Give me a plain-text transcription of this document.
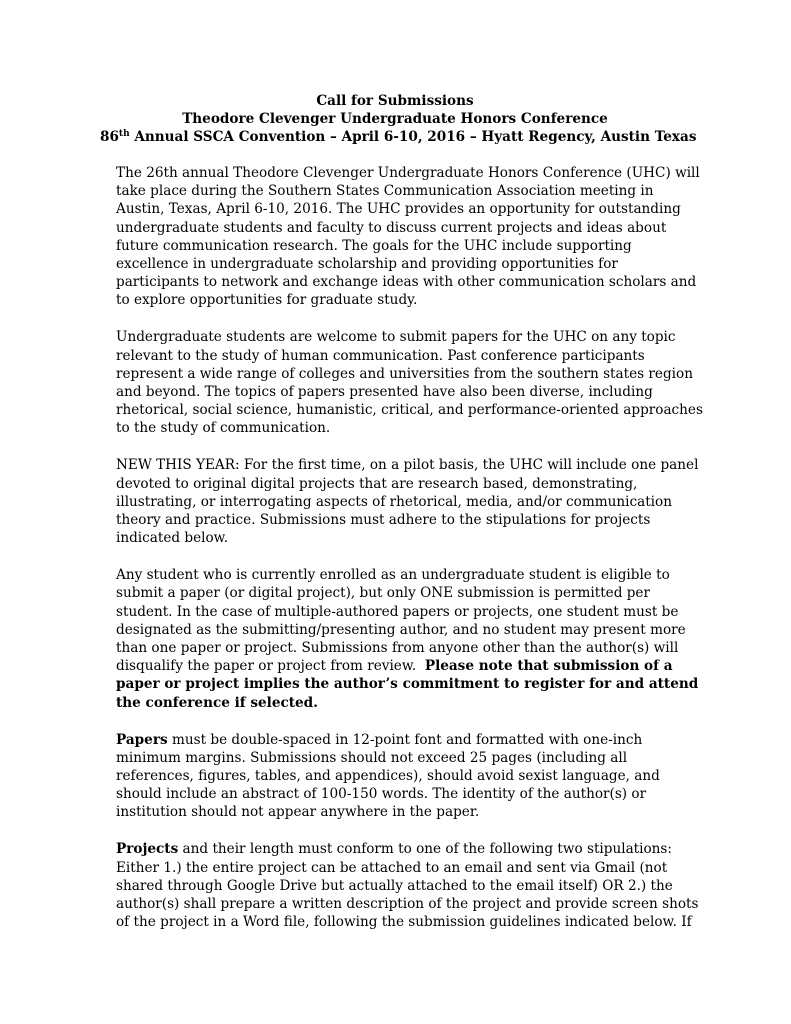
Call for Submissions
Theodore Clevenger Undergraduate Honors Conference
86th Annual SSCA Convention – April 6-10, 2016 – Hyatt Regency, Austin Texas
The 26th annual Theodore Clevenger Undergraduate Honors Conference (UHC) will
take place during the Southern States Communication Association meeting in
Austin, Texas, April 6-10, 2016. The UHC provides an opportunity for outstanding
undergraduate students and faculty to discuss current projects and ideas about
future communication research. The goals for the UHC include supporting
excellence in undergraduate scholarship and providing opportunities for
participants to network and exchange ideas with other communication scholars and
to explore opportunities for graduate study.
Undergraduate students are welcome to submit papers for the UHC on any topic
relevant to the study of human communication. Past conference participants
represent a wide range of colleges and universities from the southern states region
and beyond. The topics of papers presented have also been diverse, including
rhetorical, social science, humanistic, critical, and performance-oriented approaches
to the study of communication.
NEW THIS YEAR: For the first time, on a pilot basis, the UHC will include one panel
devoted to original digital projects that are research based, demonstrating,
illustrating, or interrogating aspects of rhetorical, media, and/or communication
theory and practice. Submissions must adhere to the stipulations for projects
indicated below.
Any student who is currently enrolled as an undergraduate student is eligible to
submit a paper (or digital project), but only ONE submission is permitted per
student. In the case of multiple-authored papers or projects, one student must be
designated as the submitting/presenting author, and no student may present more
than one paper or project. Submissions from anyone other than the author(s) will
disqualify the paper or project from review.  Please note that submission of a
paper or project implies the author’s commitment to register for and attend
the conference if selected.
Papers must be double-spaced in 12-point font and formatted with one-inch
minimum margins. Submissions should not exceed 25 pages (including all
references, figures, tables, and appendices), should avoid sexist language, and
should include an abstract of 100-150 words. The identity of the author(s) or
institution should not appear anywhere in the paper.
Projects and their length must conform to one of the following two stipulations:
Either 1.) the entire project can be attached to an email and sent via Gmail (not
shared through Google Drive but actually attached to the email itself) OR 2.) the
author(s) shall prepare a written description of the project and provide screen shots
of the project in a Word file, following the submission guidelines indicated below. If
